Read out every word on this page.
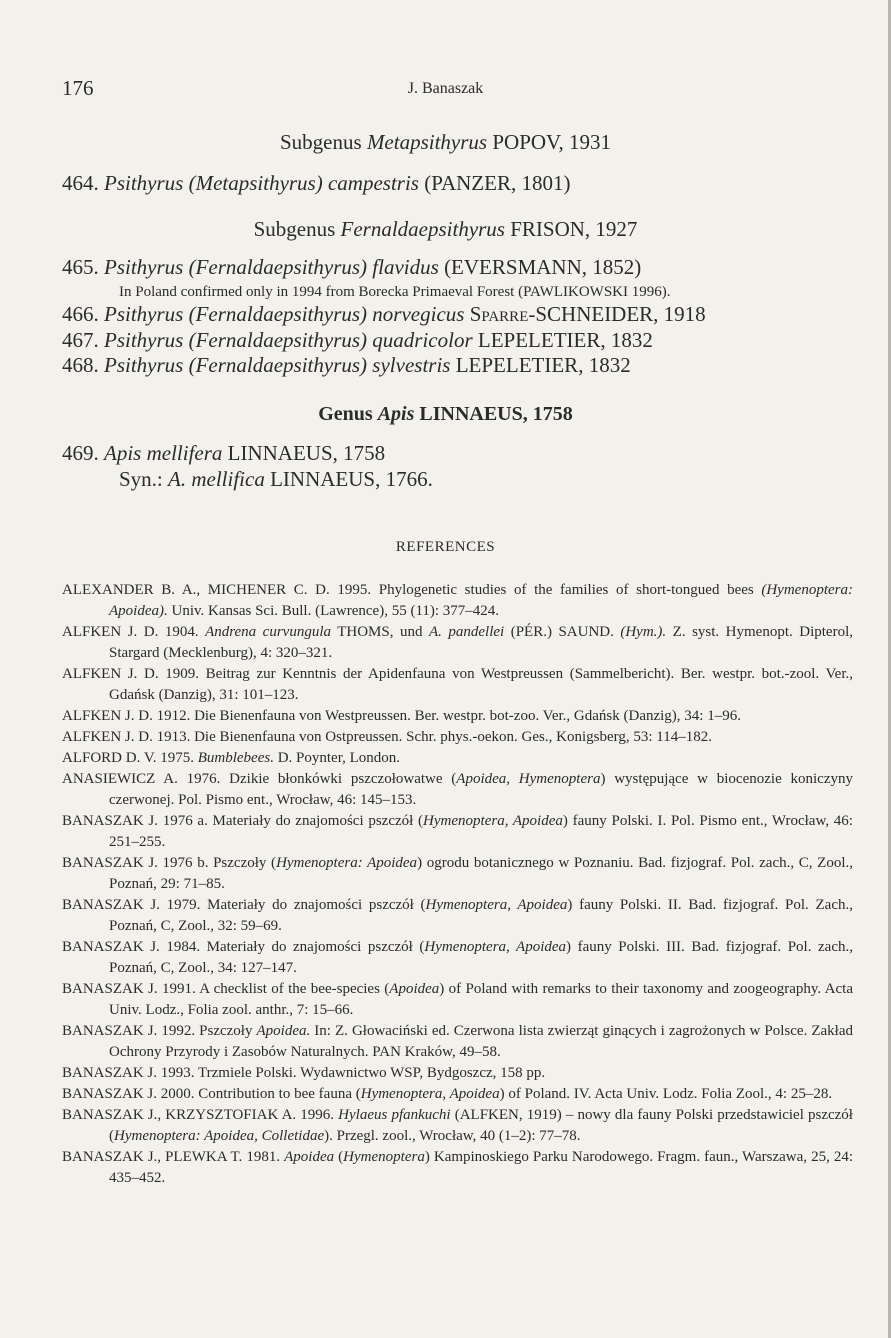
176	J. Banaszak
Subgenus Metapsithyrus POPOV, 1931
464. Psithyrus (Metapsithyrus) campestris (PANZER, 1801)
Subgenus Fernaldaepsithyrus FRISON, 1927
465. Psithyrus (Fernaldaepsithyrus) flavidus (EVERSMANN, 1852)
In Poland confirmed only in 1994 from Borecka Primaeval Forest (PAWLIKOWSKI 1996).
466. Psithyrus (Fernaldaepsithyrus) norvegicus Sparre-SCHNEIDER, 1918
467. Psithyrus (Fernaldaepsithyrus) quadricolor LEPELETIER, 1832
468. Psithyrus (Fernaldaepsithyrus) sylvestris LEPELETIER, 1832
Genus Apis LINNAEUS, 1758
469. Apis mellifera LINNAEUS, 1758
Syn.: A. mellifica LINNAEUS, 1766.
REFERENCES
ALEXANDER B. A., MICHENER C. D. 1995. Phylogenetic studies of the families of short-tongued bees (Hymenoptera: Apoidea). Univ. Kansas Sci. Bull. (Lawrence), 55 (11): 377–424.
ALFKEN J. D. 1904. Andrena curvungula THOMS, und A. pandellei (PÉR.) SAUND. (Hym.). Z. syst. Hymenopt. Dipterol, Stargard (Mecklenburg), 4: 320–321.
ALFKEN J. D. 1909. Beitrag zur Kenntnis der Apidenfauna von Westpreussen (Sammelbericht). Ber. westpr. bot.-zool. Ver., Gdańsk (Danzig), 31: 101–123.
ALFKEN J. D. 1912. Die Bienenfauna von Westpreussen. Ber. westpr. bot-zoo. Ver., Gdańsk (Danzig), 34: 1–96.
ALFKEN J. D. 1913. Die Bienenfauna von Ostpreussen. Schr. phys.-oekon. Ges., Konigsberg, 53: 114–182.
ALFORD D. V. 1975. Bumblebees. D. Poynter, London.
ANASIEWICZ A. 1976. Dzikie błonkówki pszczołowatwe (Apoidea, Hymenoptera) występujące w biocenozie koniczyny czerwonej. Pol. Pismo ent., Wrocław, 46: 145–153.
BANASZAK J. 1976 a. Materiały do znajomości pszczół (Hymenoptera, Apoidea) fauny Polski. I. Pol. Pismo ent., Wrocław, 46: 251–255.
BANASZAK J. 1976 b. Pszczoły (Hymenoptera: Apoidea) ogrodu botanicznego w Poznaniu. Bad. fizjograf. Pol. zach., C, Zool., Poznań, 29: 71–85.
BANASZAK J. 1979. Materiały do znajomości pszczół (Hymenoptera, Apoidea) fauny Polski. II. Bad. fizjograf. Pol. Zach., Poznań, C, Zool., 32: 59–69.
BANASZAK J. 1984. Materiały do znajomości pszczół (Hymenoptera, Apoidea) fauny Polski. III. Bad. fizjograf. Pol. zach., Poznań, C, Zool., 34: 127–147.
BANASZAK J. 1991. A checklist of the bee-species (Apoidea) of Poland with remarks to their taxonomy and zoogeography. Acta Univ. Lodz., Folia zool. anthr., 7: 15–66.
BANASZAK J. 1992. Pszczoły Apoidea. In: Z. Głowaciński ed. Czerwona lista zwierząt ginących i zagrożonych w Polsce. Zakład Ochrony Przyrody i Zasobów Naturalnych. PAN Kraków, 49–58.
BANASZAK J. 1993. Trzmiele Polski. Wydawnictwo WSP, Bydgoszcz, 158 pp.
BANASZAK J. 2000. Contribution to bee fauna (Hymenoptera, Apoidea) of Poland. IV. Acta Univ. Lodz. Folia Zool., 4: 25–28.
BANASZAK J., KRZYSZTOFIAK A. 1996. Hylaeus pfankuchi (ALFKEN, 1919) – nowy dla fauny Polski przedstawiciel pszczół (Hymenoptera: Apoidea, Colletidae). Przegl. zool., Wrocław, 40 (1–2): 77–78.
BANASZAK J., PLEWKA T. 1981. Apoidea (Hymenoptera) Kampinoskiego Parku Narodowego. Fragm. faun., Warszawa, 25, 24: 435–452.
